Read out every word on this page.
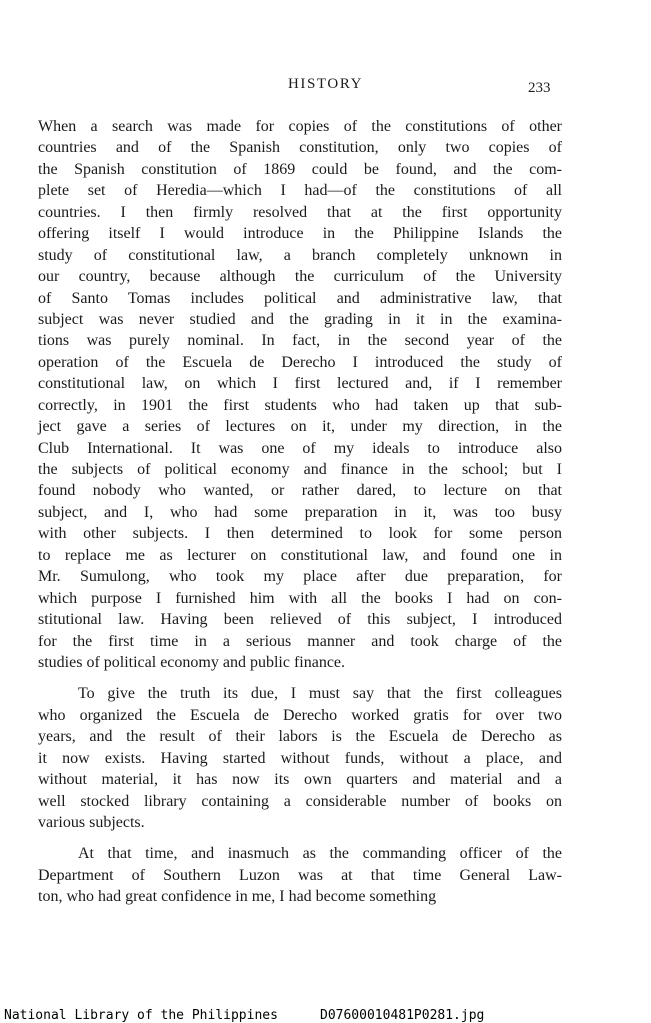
HISTORY	233
When a search was made for copies of the constitutions of other
countries and of the Spanish constitution, only two copies of
the Spanish constitution of 1869 could be found, and the com-
plete set of Heredia—which I had—of the constitutions of all
countries. I then firmly resolved that at the first opportunity
offering itself I would introduce in the Philippine Islands the
study of constitutional law, a branch completely unknown in
our country, because although the curriculum of the University
of Santo Tomas includes political and administrative law, that
subject was never studied and the grading in it in the examina-
tions was purely nominal. In fact, in the second year of the
operation of the Escuela de Derecho I introduced the study of
constitutional law, on which I first lectured and, if I remember
correctly, in 1901 the first students who had taken up that sub-
ject gave a series of lectures on it, under my direction, in the
Club International. It was one of my ideals to introduce also
the subjects of political economy and finance in the school; but I
found nobody who wanted, or rather dared, to lecture on that
subject, and I, who had some preparation in it, was too busy
with other subjects. I then determined to look for some person
to replace me as lecturer on constitutional law, and found one in
Mr. Sumulong, who took my place after due preparation, for
which purpose I furnished him with all the books I had on con-
stitutional law. Having been relieved of this subject, I introduced
for the first time in a serious manner and took charge of the
studies of political economy and public finance.
To give the truth its due, I must say that the first colleagues
who organized the Escuela de Derecho worked gratis for over two
years, and the result of their labors is the Escuela de Derecho as
it now exists. Having started without funds, without a place, and
without material, it has now its own quarters and material and a
well stocked library containing a considerable number of books on
various subjects.
At that time, and inasmuch as the commanding officer of the
Department of Southern Luzon was at that time General Law-
ton, who had great confidence in me, I had become something
National Library of the Philippines	D07600010481P0281.jpg
